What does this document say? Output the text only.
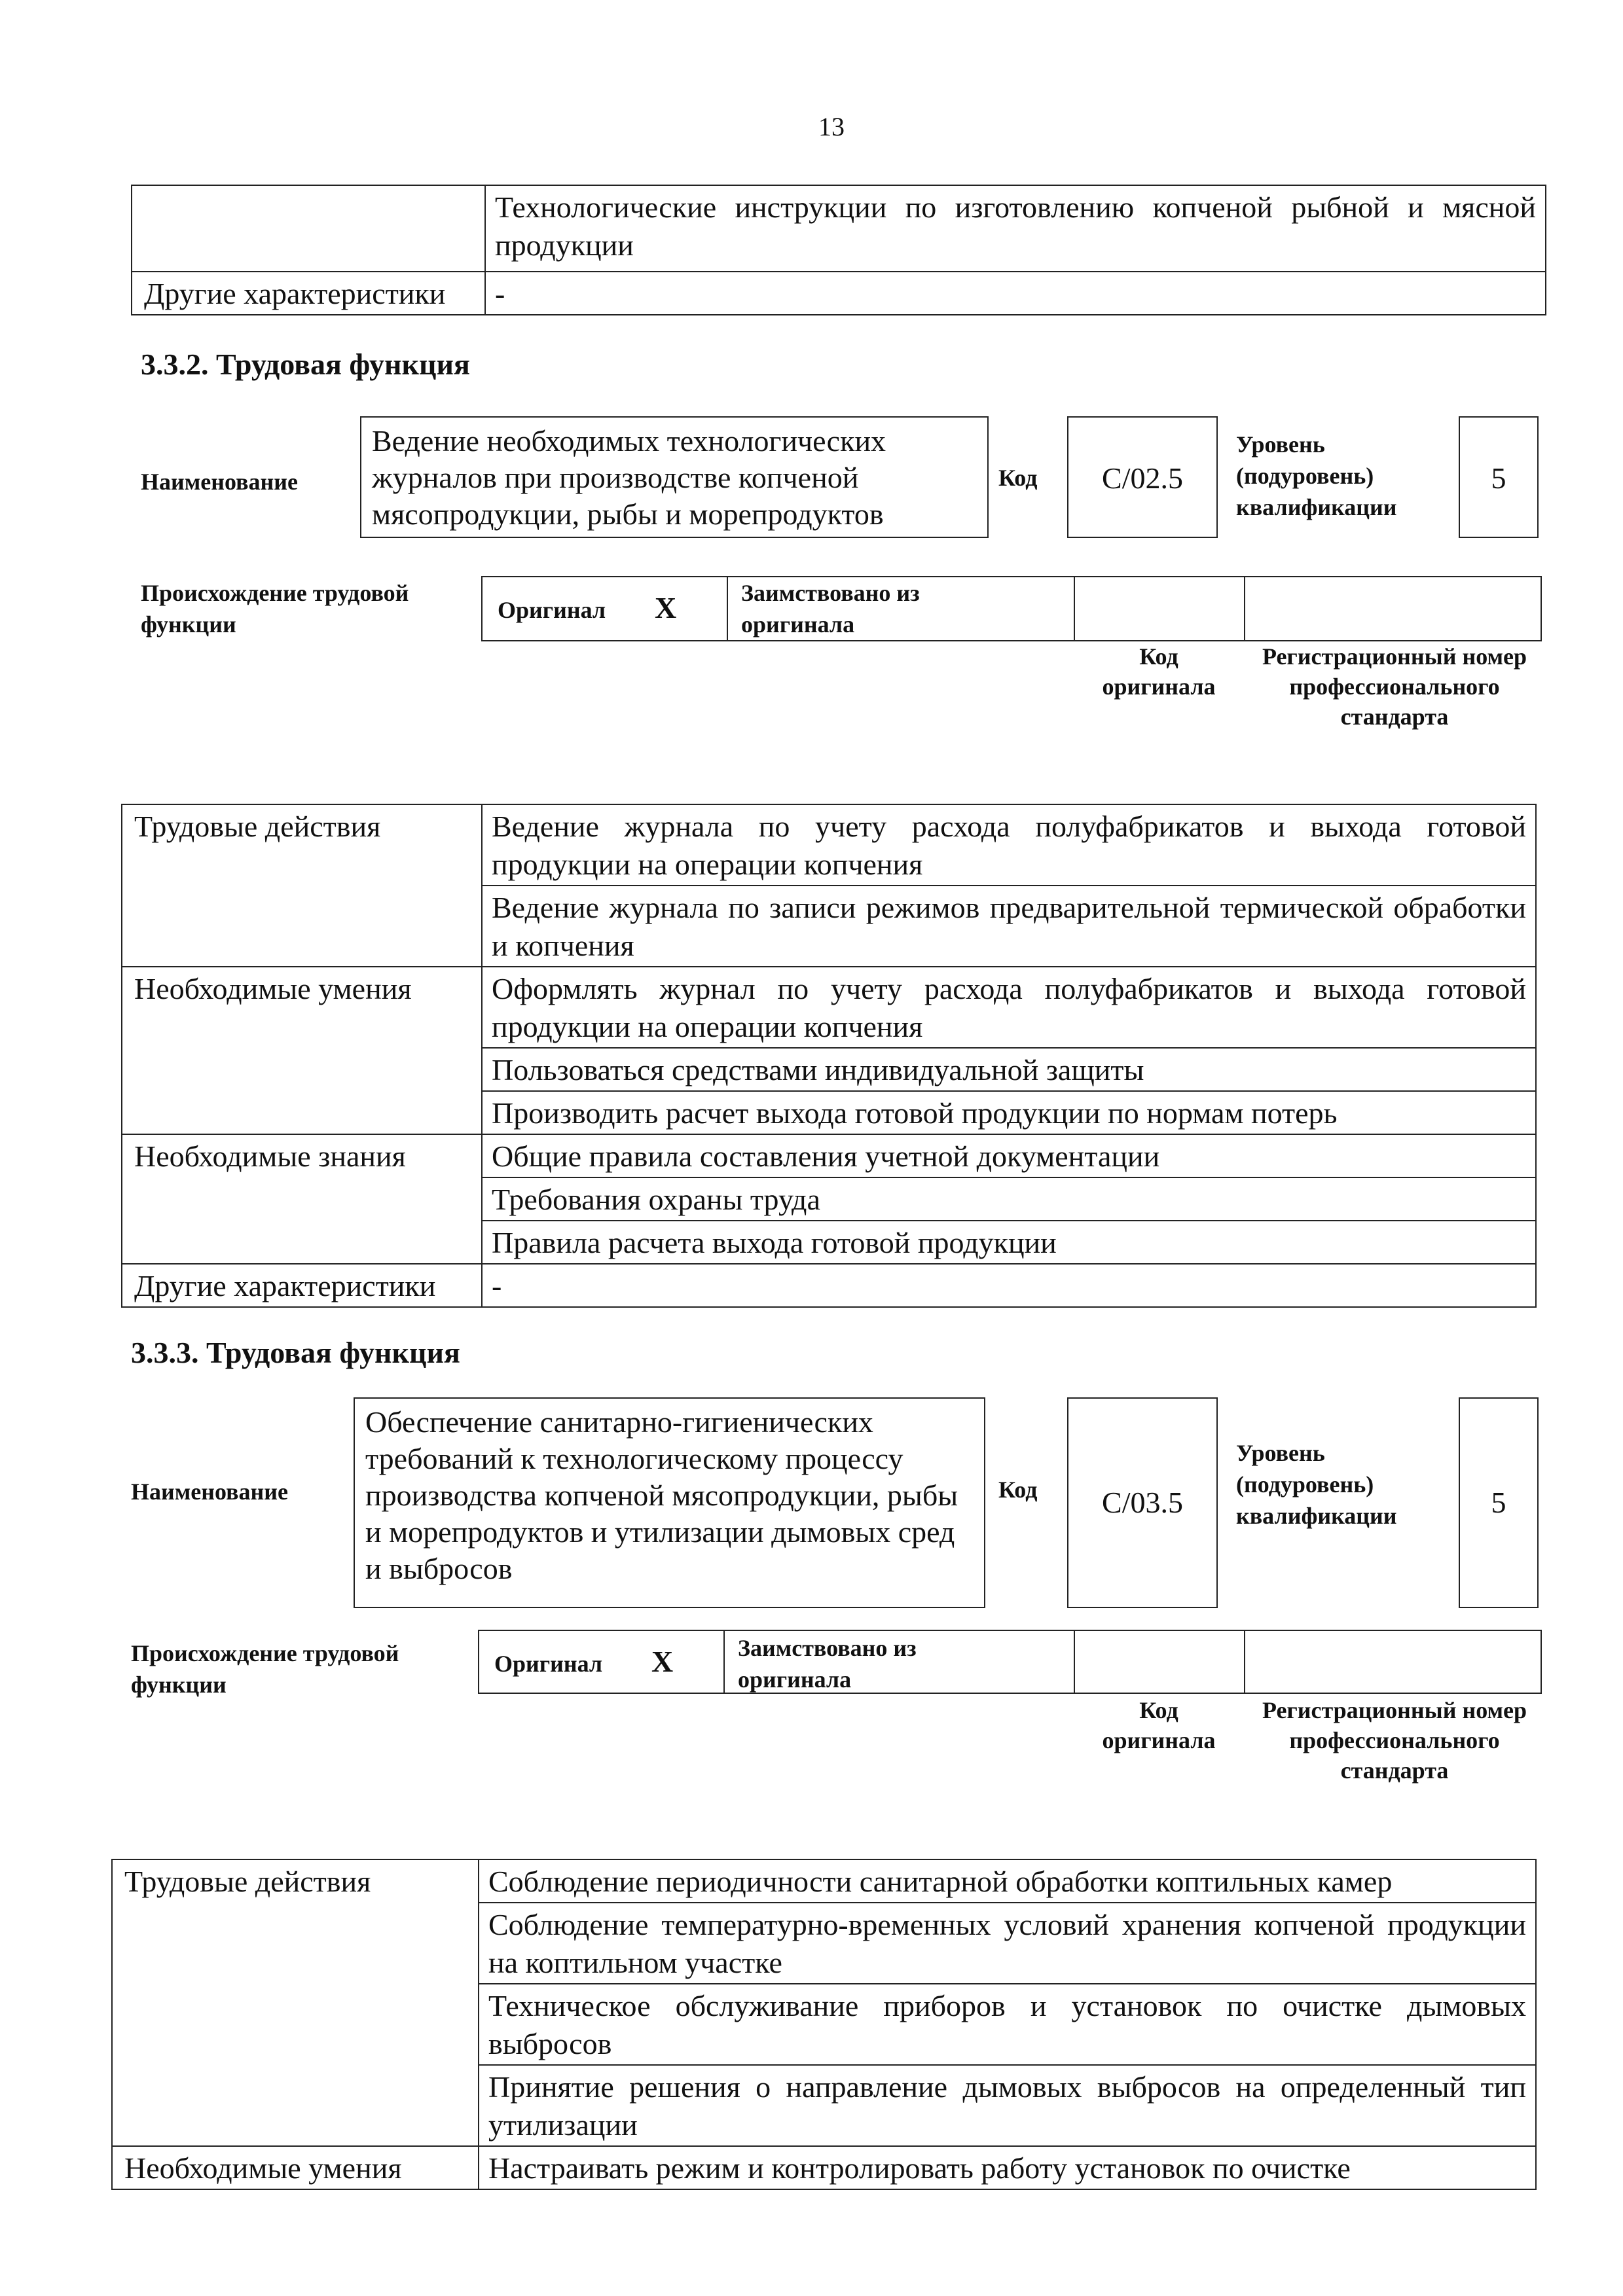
13
	Технологические инструкции по изготовлению копченой рыбной и мясной продукции
Другие характеристики	-
3.3.2. Трудовая функция
Наименование
Ведение необходимых технологических журналов при производстве копченой мясопродукции, рыбы и морепродуктов
Код	С/02.5
Уровень (подуровень) квалификации
5
Происхождение трудовой функции
Оригинал Х	Заимствовано из оригинала
Код оригинала
Регистрационный номер профессионального стандарта
Трудовые действия	Ведение журнала по учету расхода полуфабрикатов и выхода готовой продукции на операции копчения
	Ведение журнала по записи режимов предварительной термической обработки и копчения
Необходимые умения	Оформлять журнал по учету расхода полуфабрикатов и выхода готовой продукции на операции копчения
	Пользоваться средствами индивидуальной защиты
	Производить расчет выхода готовой продукции по нормам потерь
Необходимые знания	Общие правила составления учетной документации
	Требования охраны труда
	Правила расчета выхода готовой продукции
Другие характеристики	-
3.3.3. Трудовая функция
Наименование
Обеспечение санитарно-гигиенических требований к технологическому процессу производства копченой мясопродукции, рыбы и морепродуктов и утилизации дымовых сред и выбросов
Код	С/03.5
Уровень (подуровень) квалификации	5
Происхождение трудовой функции
Оригинал Х	Заимствовано из оригинала
Код оригинала
Регистрационный номер профессионального стандарта
Трудовые действия	Соблюдение периодичности санитарной обработки коптильных камер
	Соблюдение температурно-временных условий хранения копченой продукции на коптильном участке
	Техническое обслуживание приборов и установок по очистке дымовых выбросов
	Принятие решения о направление дымовых выбросов на определенный тип утилизации
Необходимые умения	Настраивать режим и контролировать работу установок по очистке
